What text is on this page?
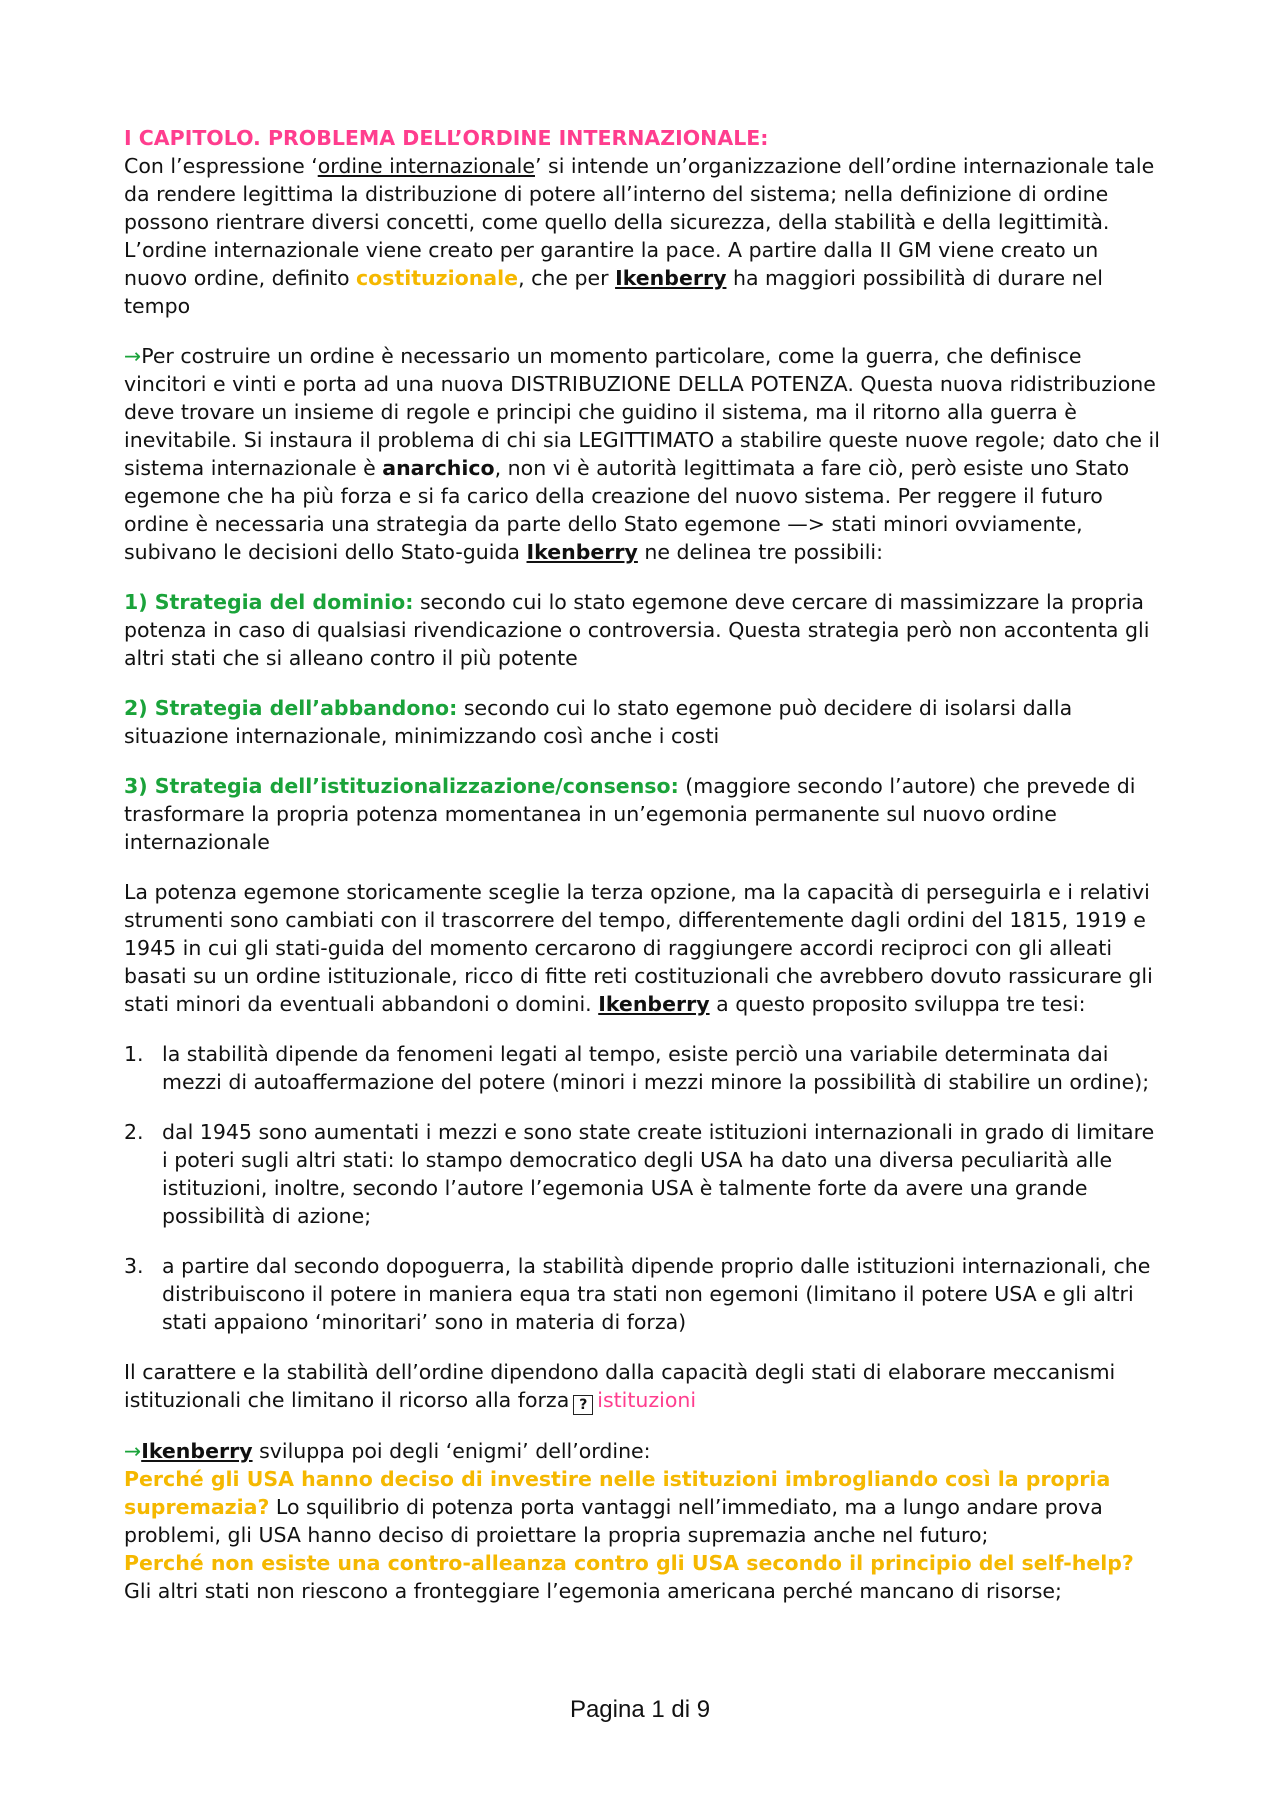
I CAPITOLO. PROBLEMA DELL’ORDINE INTERNAZIONALE:
Con l’espressione ‘ordine internazionale’ si intende un’organizzazione dell’ordine internazionale tale da rendere legittima la distribuzione di potere all’interno del sistema; nella definizione di ordine possono rientrare diversi concetti, come quello della sicurezza, della stabilità e della legittimità. L’ordine internazionale viene creato per garantire la pace. A partire dalla II GM viene creato un nuovo ordine, definito costituzionale, che per Ikenberry ha maggiori possibilità di durare nel tempo

→Per costruire un ordine è necessario un momento particolare, come la guerra, che definisce vincitori e vinti e porta ad una nuova DISTRIBUZIONE DELLA POTENZA. Questa nuova ridistribuzione deve trovare un insieme di regole e principi che guidino il sistema, ma il ritorno alla guerra è inevitabile. Si instaura il problema di chi sia LEGITTIMATO a stabilire queste nuove regole; dato che il sistema internazionale è anarchico, non vi è autorità legittimata a fare ciò, però esiste uno Stato egemone che ha più forza e si fa carico della creazione del nuovo sistema. Per reggere il futuro ordine è necessaria una strategia da parte dello Stato egemone —> stati minori ovviamente, subivano le decisioni dello Stato-guida Ikenberry ne delinea tre possibili:

1) Strategia del dominio: secondo cui lo stato egemone deve cercare di massimizzare la propria potenza in caso di qualsiasi rivendicazione o controversia. Questa strategia però non accontenta gli altri stati che si alleano contro il più potente

2) Strategia dell’abbandono: secondo cui lo stato egemone può decidere di isolarsi dalla situazione internazionale, minimizzando così anche i costi

3) Strategia dell’istituzionalizzazione/consenso: (maggiore secondo l’autore) che prevede di trasformare la propria potenza momentanea in un’egemonia permanente sul nuovo ordine internazionale

La potenza egemone storicamente sceglie la terza opzione, ma la capacità di perseguirla e i relativi strumenti sono cambiati con il trascorrere del tempo, differentemente dagli ordini del 1815, 1919 e 1945 in cui gli stati-guida del momento cercarono di raggiungere accordi reciproci con gli alleati basati su un ordine istituzionale, ricco di fitte reti costituzionali che avrebbero dovuto rassicurare gli stati minori da eventuali abbandoni o domini. Ikenberry a questo proposito sviluppa tre tesi:

1. la stabilità dipende da fenomeni legati al tempo, esiste perciò una variabile determinata dai mezzi di autoaffermazione del potere (minori i mezzi minore la possibilità di stabilire un ordine);
2. dal 1945 sono aumentati i mezzi e sono state create istituzioni internazionali in grado di limitare i poteri sugli altri stati: lo stampo democratico degli USA ha dato una diversa peculiarità alle istituzioni, inoltre, secondo l’autore l’egemonia USA è talmente forte da avere una grande possibilità di azione;
3. a partire dal secondo dopoguerra, la stabilità dipende proprio dalle istituzioni internazionali, che distribuiscono il potere in maniera equa tra stati non egemoni (limitano il potere USA e gli altri stati appaiono ‘minoritari’ sono in materia di forza)

Il carattere e la stabilità dell’ordine dipendono dalla capacità degli stati di elaborare meccanismi istituzionali che limitano il ricorso alla forza ? istituzioni

→Ikenberry sviluppa poi degli ‘enigmi’ dell’ordine:
Perché gli USA hanno deciso di investire nelle istituzioni imbrogliando così la propria supremazia? Lo squilibrio di potenza porta vantaggi nell’immediato, ma a lungo andare prova problemi, gli USA hanno deciso di proiettare la propria supremazia anche nel futuro;
Perché non esiste una contro-alleanza contro gli USA secondo il principio del self-help?
Gli altri stati non riescono a fronteggiare l’egemonia americana perché mancano di risorse;

Pagina 1 di 9
